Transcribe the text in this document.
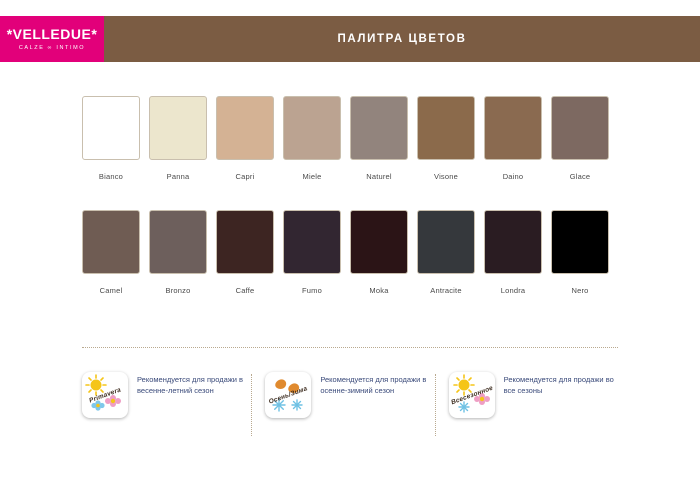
*VELLEDUE*
CALZE ∞ INTIMO
ПАЛИТРА ЦВЕТОВ
Bianco	Panna	Capri	Miele	Naturel	Visone	Daino	Glace
Camel	Bronzo	Caffe	Fumo	Moka	Antracite	Londra	Nero
Primavera
Рекомендуется для продажи в весенне-летний сезон	Осень/Зима
Рекомендуется для продажи в осенне-зимний сезон	Всесезонное
Рекомендуется для продажи во все сезоны
